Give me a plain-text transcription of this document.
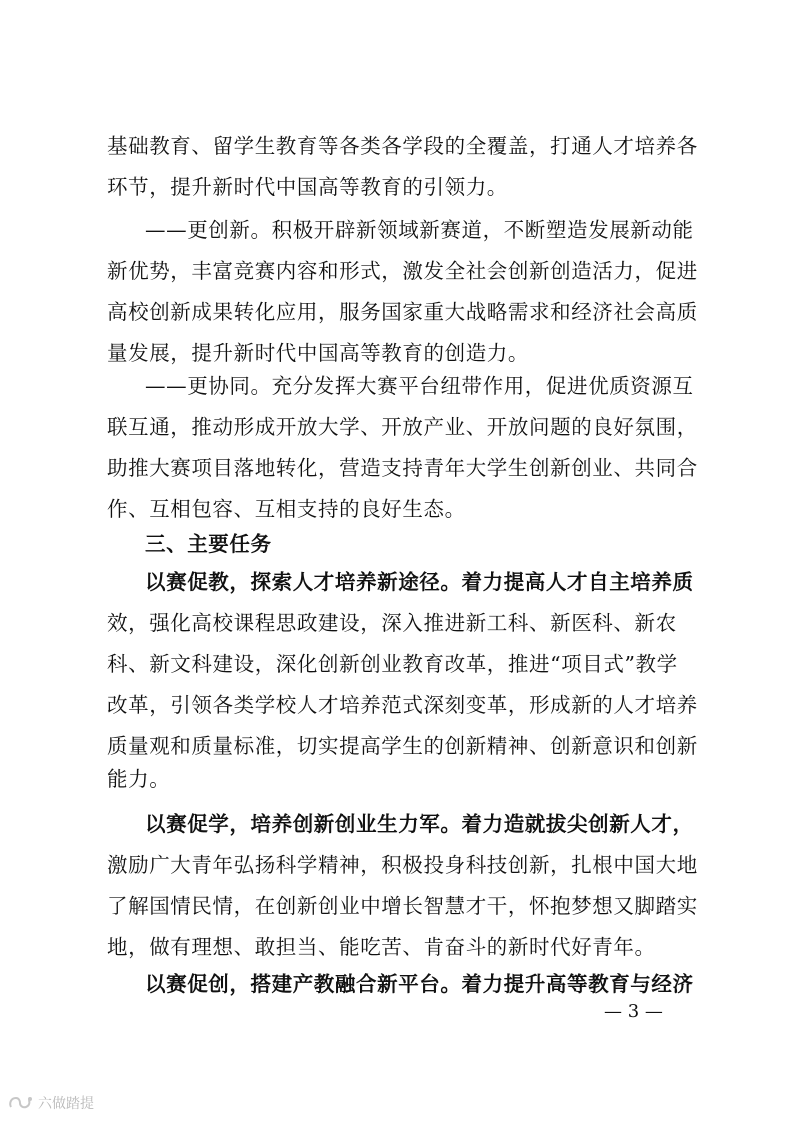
基础教育、留学生教育等各类各学段的全覆盖，打通人才培养各
环节，提升新时代中国高等教育的引领力。
——更创新。积极开辟新领域新赛道，不断塑造发展新动能
新优势，丰富竞赛内容和形式，激发全社会创新创造活力，促进
高校创新成果转化应用，服务国家重大战略需求和经济社会高质
量发展，提升新时代中国高等教育的创造力。
——更协同。充分发挥大赛平台纽带作用，促进优质资源互
联互通，推动形成开放大学、开放产业、开放问题的良好氛围，
助推大赛项目落地转化，营造支持青年大学生创新创业、共同合
作、互相包容、互相支持的良好生态。
三、主要任务
以赛促教，探索人才培养新途径。着力提高人才自主培养质
效，强化高校课程思政建设，深入推进新工科、新医科、新农
科、新文科建设，深化创新创业教育改革，推进“项目式”教学
改革，引领各类学校人才培养范式深刻变革，形成新的人才培养
质量观和质量标准，切实提高学生的创新精神、创新意识和创新
能力。
以赛促学，培养创新创业生力军。着力造就拔尖创新人才，
激励广大青年弘扬科学精神，积极投身科技创新，扎根中国大地
了解国情民情，在创新创业中增长智慧才干，怀抱梦想又脚踏实
地，做有理想、敢担当、能吃苦、肯奋斗的新时代好青年。
以赛促创，搭建产教融合新平台。着力提升高等教育与经济
— 3 —
六做踏提
